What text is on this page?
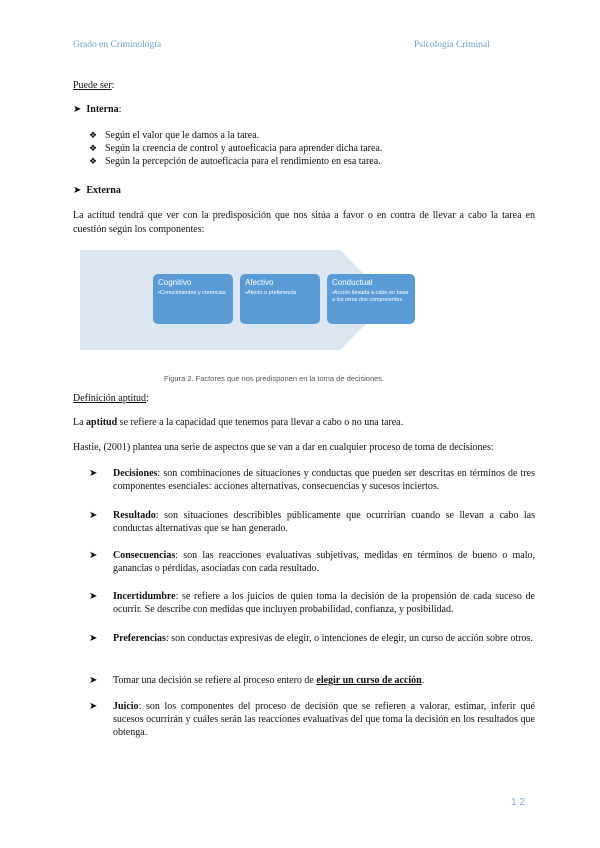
Grado en Criminología	Psicología Criminal
Puede ser:
➤ Interna:
❖ Según el valor que le damos a la tarea.
❖ Según la creencia de control y autoeficacia para aprender dicha tarea.
❖ Según la percepción de autoeficacia para el rendimiento en esa tarea.
➤ Externa
La actitud tendrá que ver con la predisposición que nos sitúa a favor o en contra de llevar a cabo la tarea en cuestión según los componentes:
Cognitivo
•Conocimientos y creencias
Afectivo
•Afecto o preferencia
Conductual
•Acción llevada a cabo en base a los otros dos componentes
Figura 2. Factores que nos predisponen en la toma de decisiones.
Definición aptitud:
La aptitud se refiere a la capacidad que tenemos para llevar a cabo o no una tarea.
Hastie, (2001) plantea una serie de aspectos que se van a dar en cualquier proceso de toma de decisiones:
➤	Decisiones: son combinaciones de situaciones y conductas que pueden ser descritas en términos de tres componentes esenciales: acciones alternativas, consecuencias y sucesos inciertos.
➤	Resultado: son situaciones describibles públicamente que ocurrirían cuando se llevan a cabo las conductas alternativas que se han generado.
➤	Consecuencias: son las reacciones evaluativas subjetivas, medidas en términos de bueno o malo, ganancias o pérdidas, asociadas con cada resultado.
➤	Incertidumbre: se refiere a los juicios de quien toma la decisión de la propensión de cada suceso de ocurrir. Se describe con medidas que incluyen probabilidad, confianza, y posibilidad.
➤	Preferencias: son conductas expresivas de elegir, o intenciones de elegir, un curso de acción sobre otros.
➤	Tomar una decisión se refiere al proceso entero de elegir un curso de acción.
➤	Juicio: son los componentes del proceso de decisión que se refieren a valorar, estimar, inferir qué sucesos ocurrirán y cuáles serán las reacciones evaluativas del que toma la decisión en los resultados que obtenga.
1 2
